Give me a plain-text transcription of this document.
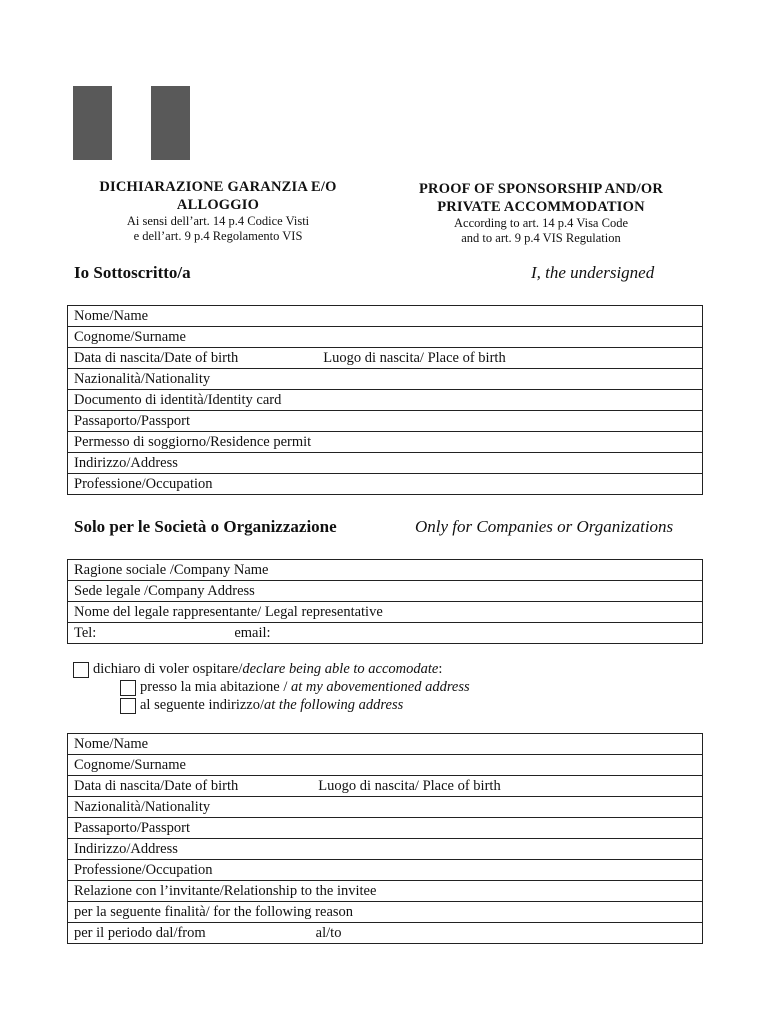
DICHIARAZIONE GARANZIA E/O
ALLOGGIO
Ai sensi dell’art. 14 p.4 Codice Visti
e dell’art. 9 p.4 Regolamento VIS
PROOF OF SPONSORSHIP AND/OR
PRIVATE ACCOMMODATION
According to art. 14 p.4 Visa Code
and to art. 9 p.4 VIS Regulation
Io Sottoscritto/a	I, the undersigned
Nome/Name
Cognome/Surname
Data di nascita/Date of birth	Luogo di nascita/ Place of birth
Nazionalità/Nationality
Documento di identità/Identity card
Passaporto/Passport
Permesso di soggiorno/Residence permit
Indirizzo/Address
Professione/Occupation
Solo per le Società o Organizzazione	Only for Companies or Organizations
Ragione sociale /Company Name
Sede legale /Company Address
Nome del legale rappresentante/ Legal representative
Tel:	email:
dichiaro di voler ospitare/ declare being able to accomodate :
presso la mia abitazione / at my abovementioned address
al seguente indirizzo/ at the following address
Nome/Name
Cognome/Surname
Data di nascita/Date of birth	Luogo di nascita/ Place of birth
Nazionalità/Nationality
Passaporto/Passport
Indirizzo/Address
Professione/Occupation
Relazione con l’invitante/Relationship to the invitee
per la seguente finalità/ for the following reason
per il periodo dal/from	al/to
